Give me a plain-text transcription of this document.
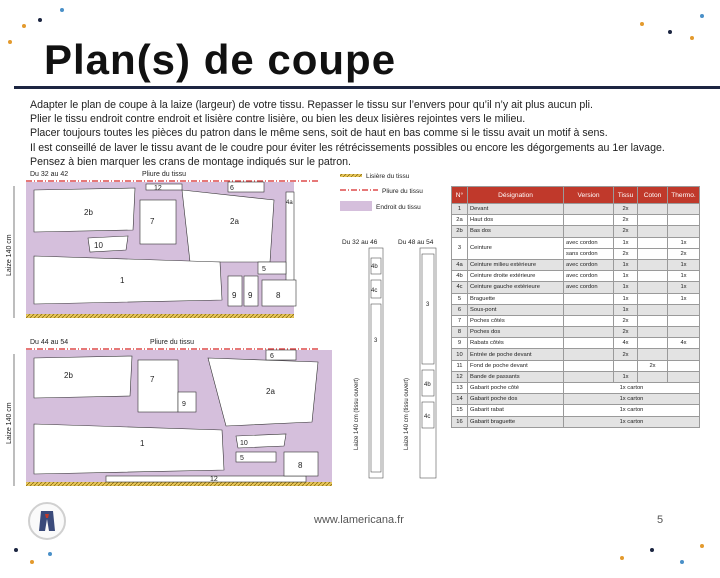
Plan(s) de coupe
Adapter le plan de coupe à la laize (largeur) de votre tissu. Repasser le tissu sur l’envers pour qu’il n’y ait plus aucun pli.
Plier le tissu endroit contre endroit et lisière contre lisière, ou bien les deux lisières rejointes vers le milieu.
Placer toujours toutes les pièces du patron dans le même sens, soit de haut en bas comme si le tissu avait un motif à sens.
Il est conseillé de laver le tissu avant de le coudre pour éviter les rétrécissements possibles ou encore les dégorgements au 1er lavage.
Pensez à bien marquer les crans de montage indiqués sur le patron.
Du 32 au 42	Pliure du tissu
2b
7	2a
12	6
4a
10
1
5
9 9	8
Laize 140 cm
Du 44 au 54	Pliure du tissu
2b	7
2a
6
9
1
12
8
10
5
Laize 140 cm
Lisière du tissu
Pliure du tissu
Endroit du tissu
Du 32 au 46
4b
4c
3
Laize 140 cm (tissu ouvert)
Du 48 au 54
3
4b
4c
Laize 140 cm (tissu ouvert)
N°	Désignation	Version	Tissu	Coton	Thermo.
1	Devant		2x		
2a	Haut dos		2x		
2b	Bas dos		2x		
3	Ceinture	avec cordon	1x		1x
		sans cordon	2x		2x
4a	Ceinture milieu extérieure	avec cordon	1x		1x
4b	Ceinture droite extérieure	avec cordon	1x		1x
4c	Ceinture gauche extérieure	avec cordon	1x		1x
5	Braguette		1x		1x
6	Sous-pont		1x		
7	Poches côtés		2x		
8	Poches dos		2x		
9	Rabats côtés		4x		4x
10	Entrée de poche devant		2x		
11	Fond de poche devant			2x	
12	Bande de passants		1x		
13	Gabarit poche côté	1x carton			
14	Gabarit poche dos	1x carton			
15	Gabarit rabat	1x carton			
16	Gabarit braguette	1x carton			
www.lamericana.fr	5
